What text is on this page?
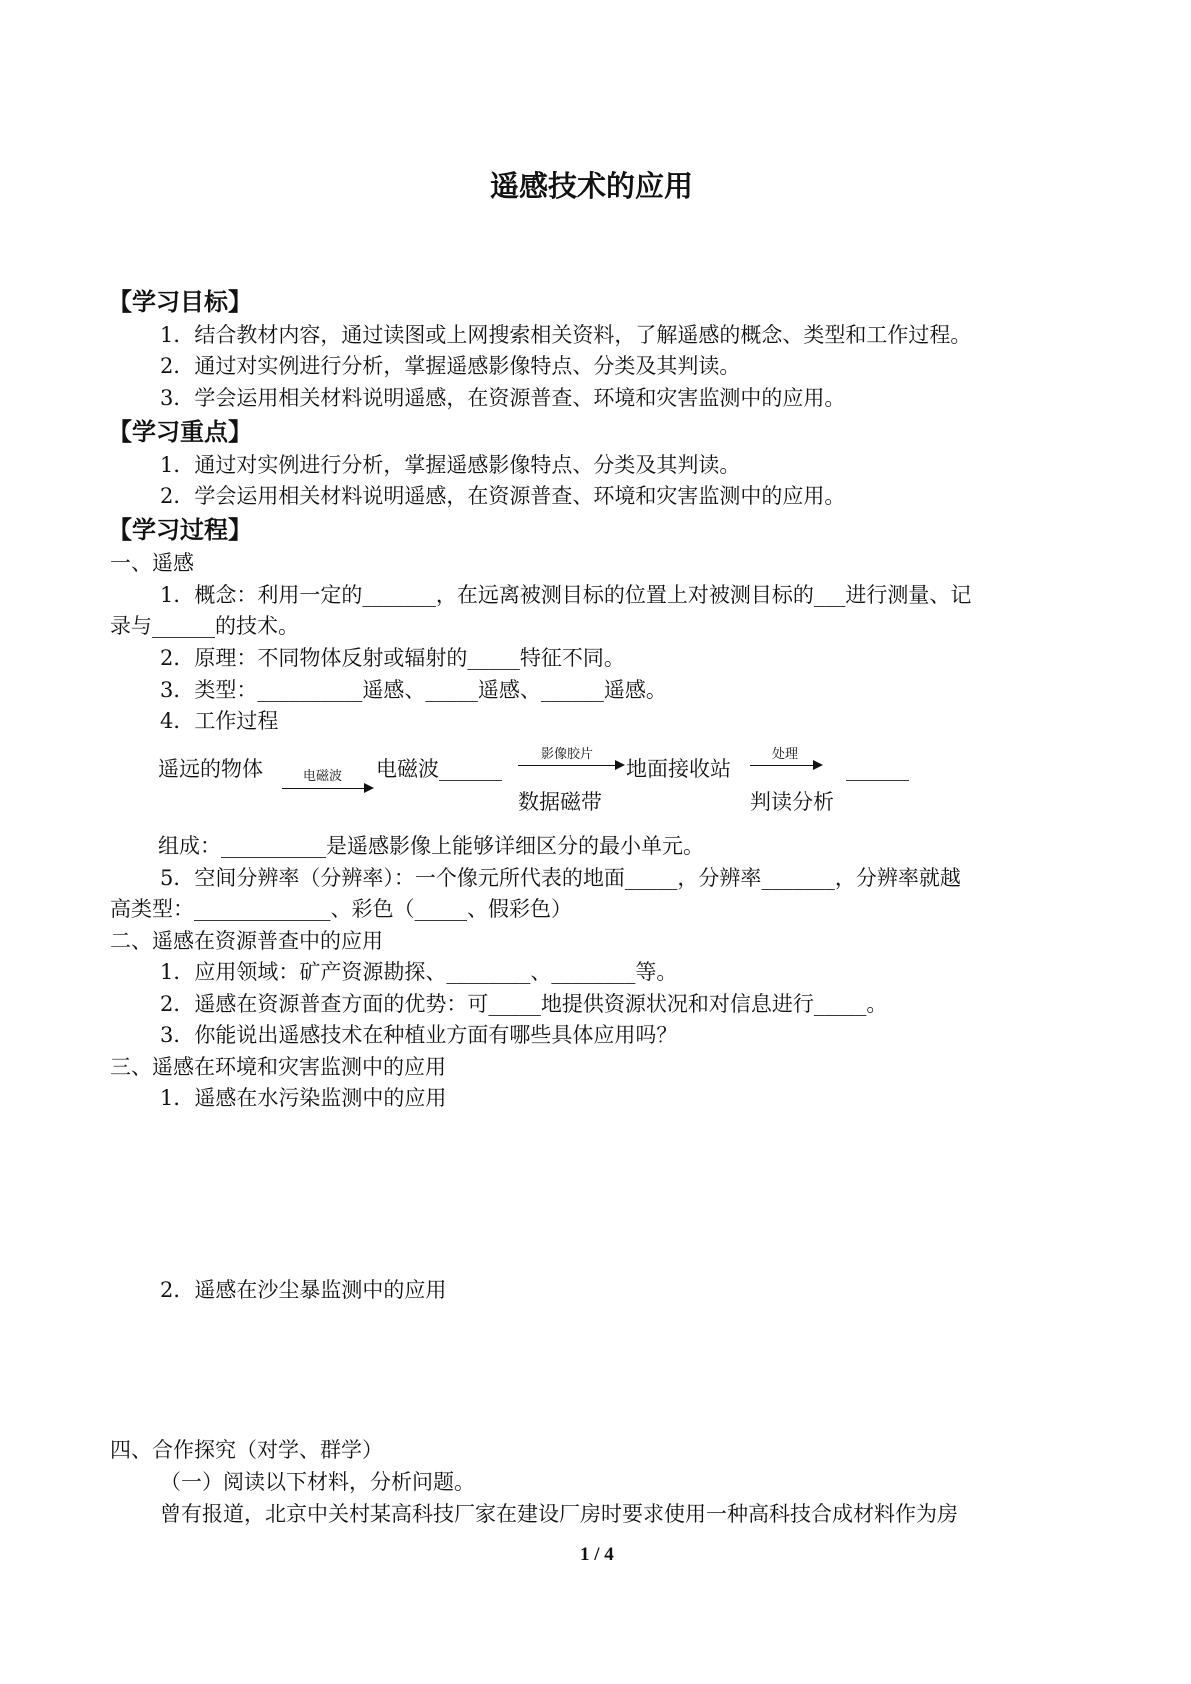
遥感技术的应用
【学习目标】
1．结合教材内容，通过读图或上网搜索相关资料，了解遥感的概念、类型和工作过程。
2．通过对实例进行分析，掌握遥感影像特点、分类及其判读。
3．学会运用相关材料说明遥感，在资源普查、环境和灾害监测中的应用。
【学习重点】
1．通过对实例进行分析，掌握遥感影像特点、分类及其判读。
2．学会运用相关材料说明遥感，在资源普查、环境和灾害监测中的应用。
【学习过程】
一、遥感
1．概念：利用一定的_______，在远离被测目标的位置上对被测目标的___进行测量、记
录与______的技术。
2．原理：不同物体反射或辐射的_____特征不同。
3．类型：__________遥感、_____遥感、______遥感。
4．工作过程
遥远的物体	电磁波 电磁波______
影像胶片
数据磁带
地面接收站
处理
______
判读分析
组成：__________是遥感影像上能够详细区分的最小单元。
5．空间分辨率（分辨率）：一个像元所代表的地面_____，分辨率_______，分辨率就越
高类型：_____________、彩色（_____、假彩色）
二、遥感在资源普查中的应用
1．应用领域：矿产资源勘探、________、________等。
2．遥感在资源普查方面的优势：可_____地提供资源状况和对信息进行_____。
3．你能说出遥感技术在种植业方面有哪些具体应用吗？
三、遥感在环境和灾害监测中的应用
1．遥感在水污染监测中的应用
2．遥感在沙尘暴监测中的应用
四、合作探究（对学、群学）
（一）阅读以下材料，分析问题。
曾有报道，北京中关村某高科技厂家在建设厂房时要求使用一种高科技合成材料作为房
1 / 4
